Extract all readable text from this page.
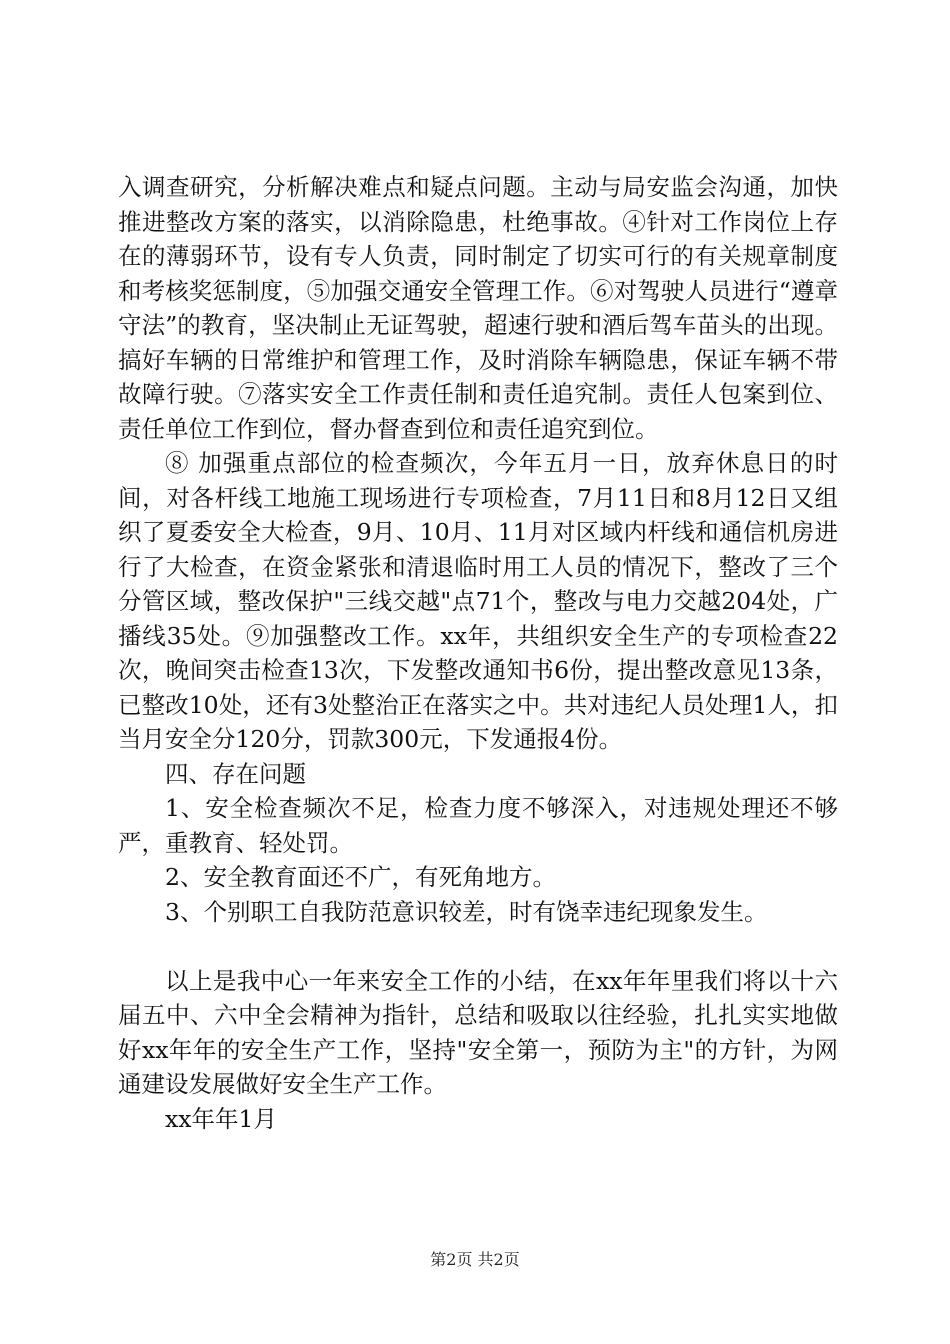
入调查研究，分析解决难点和疑点问题。主动与局安监会沟通，加快推进整改方案的落实，以消除隐患，杜绝事故。④针对工作岗位上存在的薄弱环节，设有专人负责，同时制定了切实可行的有关规章制度和考核奖惩制度，⑤加强交通安全管理工作。⑥对驾驶人员进行“遵章守法”的教育，坚决制止无证驾驶，超速行驶和酒后驾车苗头的出现。搞好车辆的日常维护和管理工作，及时消除车辆隐患，保证车辆不带故障行驶。⑦落实安全工作责任制和责任追究制。责任人包案到位、责任单位工作到位，督办督查到位和责任追究到位。

⑧ 加强重点部位的检查频次，今年五月一日，放弃休息日的时间，对各杆线工地施工现场进行专项检查，7月11日和8月12日又组织了夏委安全大检查，9月、10月、11月对区域内杆线和通信机房进行了大检查，在资金紧张和清退临时用工人员的情况下，整改了三个分管区域，整改保护"三线交越"点71个，整改与电力交越204处，广播线35处。⑨加强整改工作。xx年，共组织安全生产的专项检查22次，晚间突击检查13次，下发整改通知书6份，提出整改意见13条，已整改10处，还有3处整治正在落实之中。共对违纪人员处理1人，扣当月安全分120分，罚款300元，下发通报4份。

四、存在问题

1、安全检查频次不足，检查力度不够深入，对违规处理还不够严，重教育、轻处罚。

2、安全教育面还不广，有死角地方。

3、个别职工自我防范意识较差，时有饶幸违纪现象发生。

以上是我中心一年来安全工作的小结，在xx年年里我们将以十六届五中、六中全会精神为指针，总结和吸取以往经验，扎扎实实地做好xx年年的安全生产工作，坚持"安全第一，预防为主"的方针，为网通建设发展做好安全生产工作。

xx年年1月

第2页 共2页
